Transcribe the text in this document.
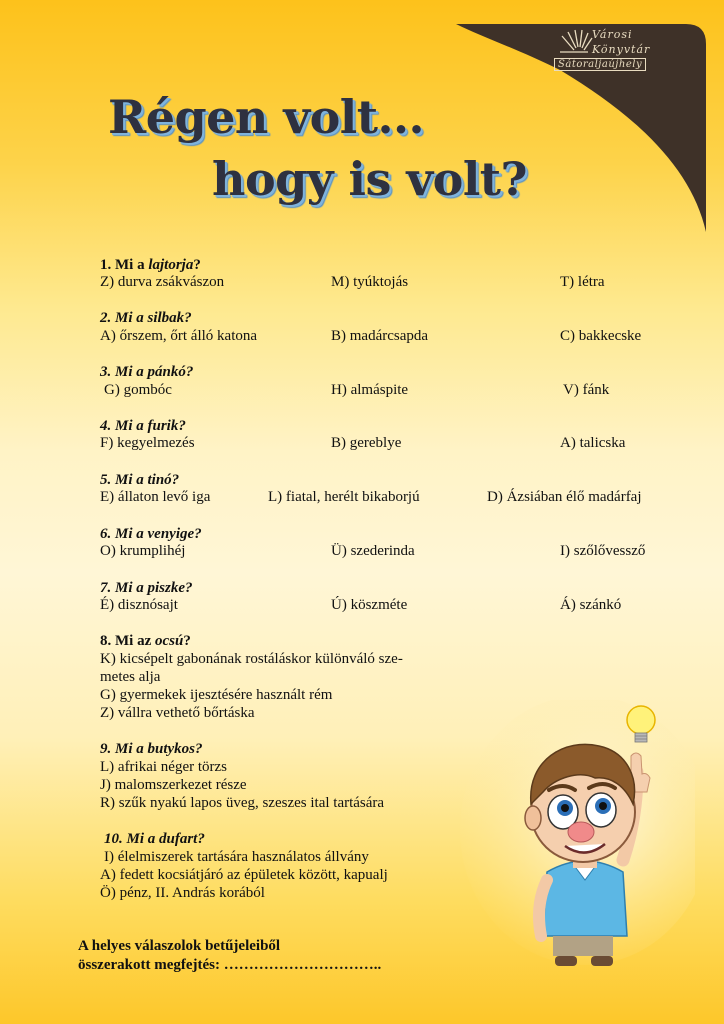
Városi
Könyvtár
Sátoraljaújhely
Régen volt...
hogy is volt?
1. Mi a lajtorja?
Z) durva zsákvászon	M) tyúktojás	T) létra
2. Mi a silbak?
A) őrszem, őrt álló katona	B) madárcsapda	C) bakkecske
3. Mi a pánkó?
G) gombóc	H) almáspite	V) fánk
4. Mi a furik?
F) kegyelmezés	B) gereblye	A) talicska
5. Mi a tinó?
E) állaton levő iga	L) fiatal, herélt bikaborjú	D) Ázsiában élő madárfaj
6. Mi a venyige?
O) krumplihéj	Ü) szederinda	I) szőlővessző
7. Mi a piszke?
É) disznósajt	Ú) köszméte	Á) szánkó
8. Mi az ocsú?
K) kicsépelt gabonának rostáláskor különváló sze-
metes alja
G) gyermekek ijesztésére használt rém
Z) vállra vethető bőrtáska
9. Mi a butykos?
L) afrikai néger törzs
J) malomszerkezet része
R) szűk nyakú lapos üveg, szeszes ital tartására
10. Mi a dufart?
I) élelmiszerek tartására használatos állvány
A) fedett kocsiátjáró az épületek között, kapualj
Ö) pénz, II. András korából
A helyes válaszolok betűjeleiből
összerakott megfejtés: …………………………..
